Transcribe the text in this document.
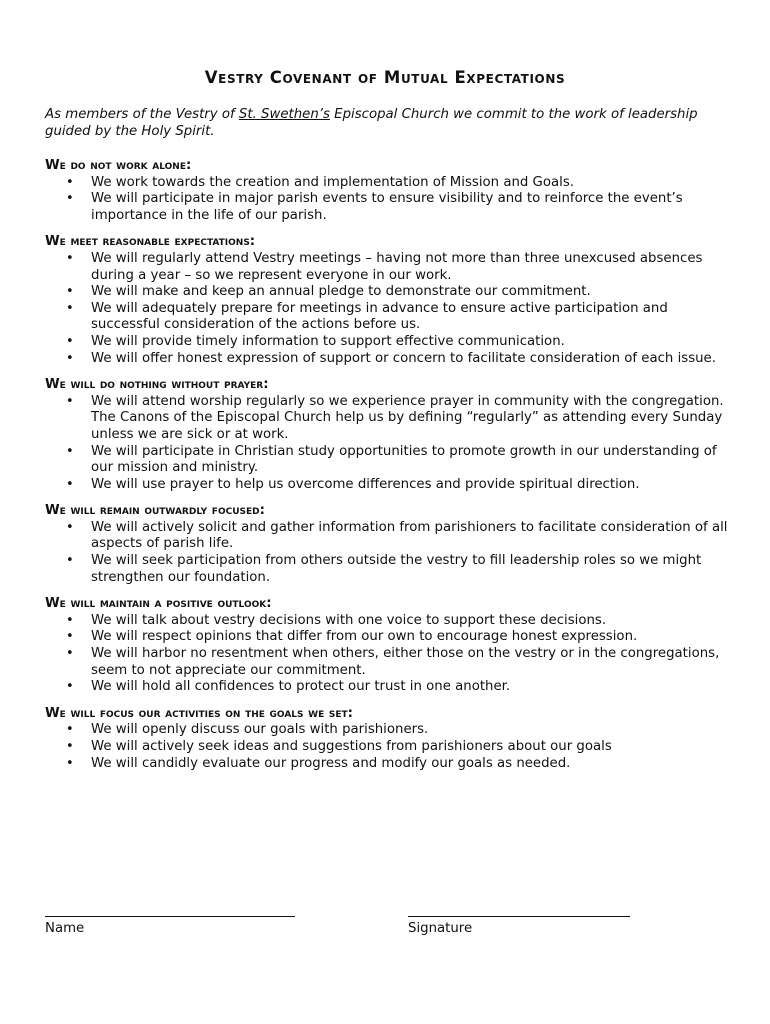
Vestry Covenant of Mutual Expectations
As members of the Vestry of St. Swethen’s Episcopal Church we commit to the work of leadership guided by the Holy Spirit.
We do not work alone:
• We work towards the creation and implementation of Mission and Goals.
• We will participate in major parish events to ensure visibility and to reinforce the event’s importance in the life of our parish.
We meet reasonable expectations:
• We will regularly attend Vestry meetings – having not more than three unexcused absences during a year – so we represent everyone in our work.
• We will make and keep an annual pledge to demonstrate our commitment.
• We will adequately prepare for meetings in advance to ensure active participation and successful consideration of the actions before us.
• We will provide timely information to support effective communication.
• We will offer honest expression of support or concern to facilitate consideration of each issue.
We will do nothing without prayer:
• We will attend worship regularly so we experience prayer in community with the congregation. The Canons of the Episcopal Church help us by defining “regularly” as attending every Sunday unless we are sick or at work.
• We will participate in Christian study opportunities to promote growth in our understanding of our mission and ministry.
• We will use prayer to help us overcome differences and provide spiritual direction.
We will remain outwardly focused:
• We will actively solicit and gather information from parishioners to facilitate consideration of all aspects of parish life.
• We will seek participation from others outside the vestry to fill leadership roles so we might strengthen our foundation.
We will maintain a positive outlook:
• We will talk about vestry decisions with one voice to support these decisions.
• We will respect opinions that differ from our own to encourage honest expression.
• We will harbor no resentment when others, either those on the vestry or in the congregations, seem to not appreciate our commitment.
• We will hold all confidences to protect our trust in one another.
We will focus our activities on the goals we set:
• We will openly discuss our goals with parishioners.
• We will actively seek ideas and suggestions from parishioners about our goals
• We will candidly evaluate our progress and modify our goals as needed.
Name	Signature
